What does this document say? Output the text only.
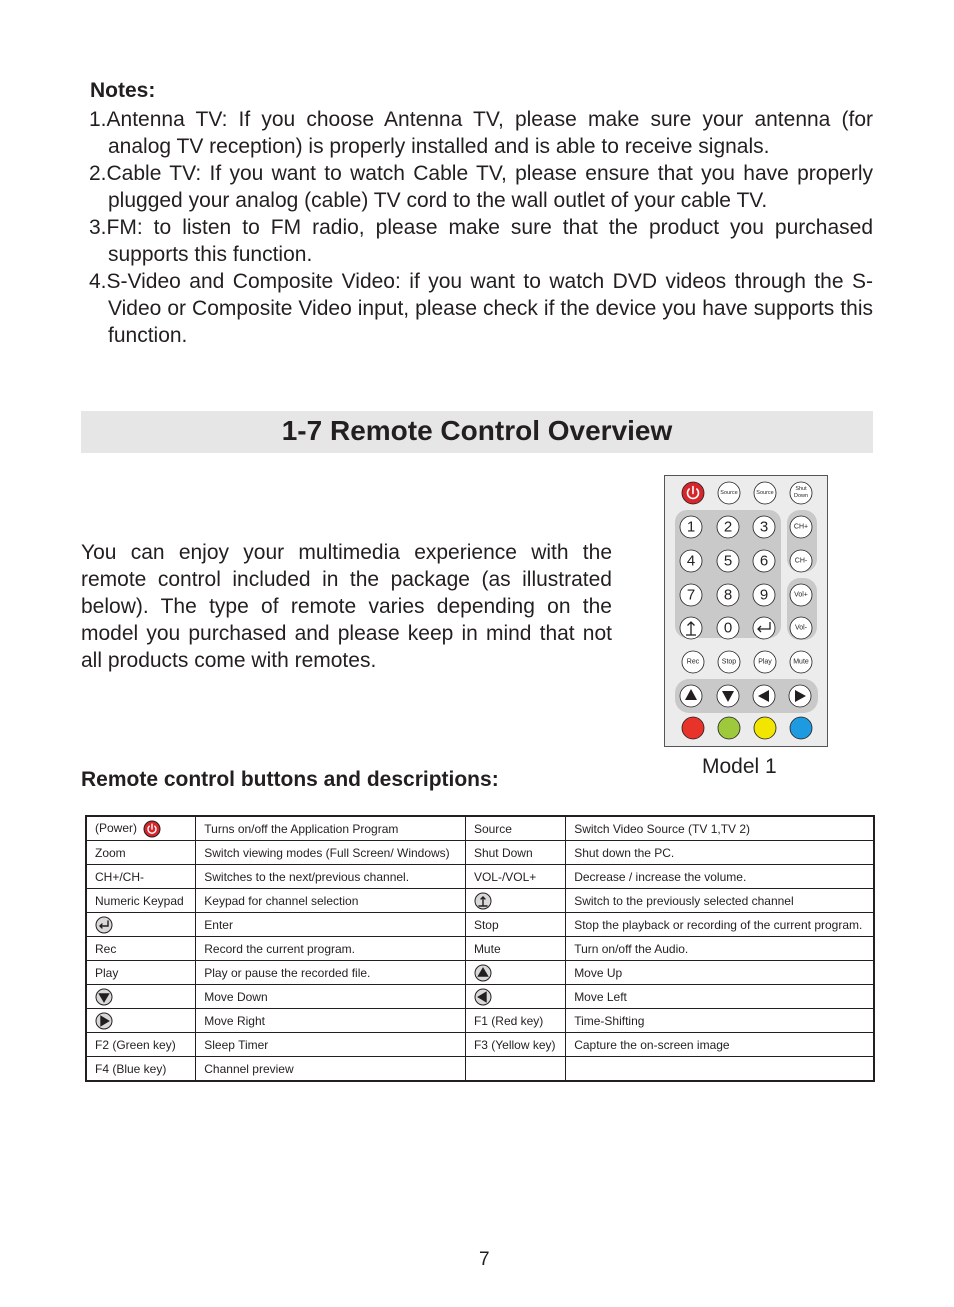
Notes:
1.Antenna TV: If you choose Antenna TV, please make sure your antenna (for analog TV reception) is properly installed and is able to receive signals.
2.Cable TV: If you want to watch Cable TV, please ensure that you have properly plugged your analog (cable) TV cord to the wall outlet of your cable TV.
3.FM: to listen to FM radio, please make sure that the product you purchased supports this function.
4.S-Video and Composite Video: if you want to watch DVD videos through the S-Video or Composite Video input, please check if the device you have supports this function.
1-7 Remote Control Overview

You can enjoy your multimedia experience with the remote control included in the package (as illustrated below). The type of remote varies depending on the model you purchased and please keep in mind that not all products come with remotes.

Source	Source
Shut
Down
1 2 3
4 5 6
7 8 9
0
CH+
CH-
Vol+
Vol-
Rec	Stop	Play	Mute
Model 1
Remote control buttons and descriptions:
(Power)	Turns on/off the Application Program	Source	Switch Video Source (TV 1,TV 2)
Zoom	Switch viewing modes (Full Screen/ Windows)	Shut Down	Shut down the PC.
CH+/CH-	Switches to the next/previous channel.	VOL-/VOL+	Decrease / increase the volume.
Numeric Keypad	Keypad for channel selection		Switch to the previously selected channel
	Enter	Stop	Stop the playback or recording of the current program.
Rec	Record the current program.	Mute	Turn on/off the Audio.
Play	Play or pause the recorded file.		Move Up
	Move Down		Move Left
	Move Right	F1 (Red key)	Time-Shifting
F2 (Green key)	Sleep Timer	F3 (Yellow key)	Capture the on-screen image
F4 (Blue key)	Channel preview		
7
